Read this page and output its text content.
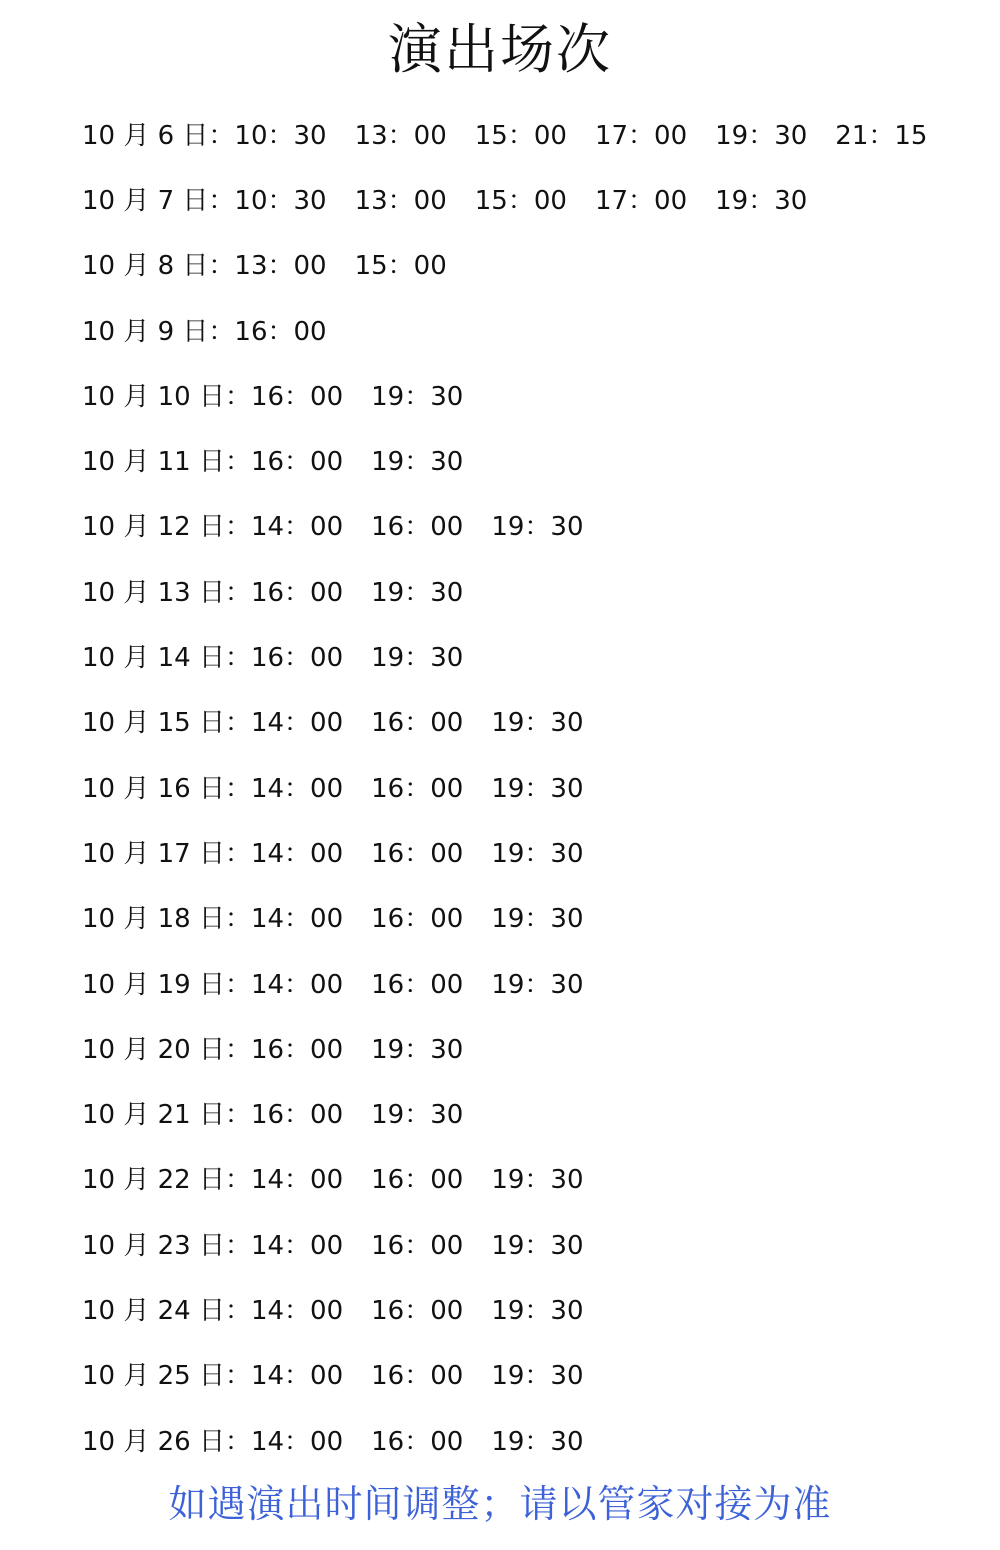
演出场次
10 月 6 日： 10：30 13：00 15：00 17：00 19：30 21：15
10 月 7 日： 10：30 13：00 15：00 17：00 19：30
10 月 8 日： 13：00 15：00
10 月 9 日： 16：00
10 月 10 日： 16：00 19：30
10 月 11 日： 16：00 19：30
10 月 12 日： 14：00 16：00 19：30
10 月 13 日： 16：00 19：30
10 月 14 日： 16：00 19：30
10 月 15 日： 14：00 16：00 19：30
10 月 16 日： 14：00 16：00 19：30
10 月 17 日： 14：00 16：00 19：30
10 月 18 日： 14：00 16：00 19：30
10 月 19 日： 14：00 16：00 19：30
10 月 20 日： 16：00 19：30
10 月 21 日： 16：00 19：30
10 月 22 日： 14：00 16：00 19：30
10 月 23 日： 14：00 16：00 19：30
10 月 24 日： 14：00 16：00 19：30
10 月 25 日： 14：00 16：00 19：30
10 月 26 日： 14：00 16：00 19：30
如遇演出时间调整；请以管家对接为准
